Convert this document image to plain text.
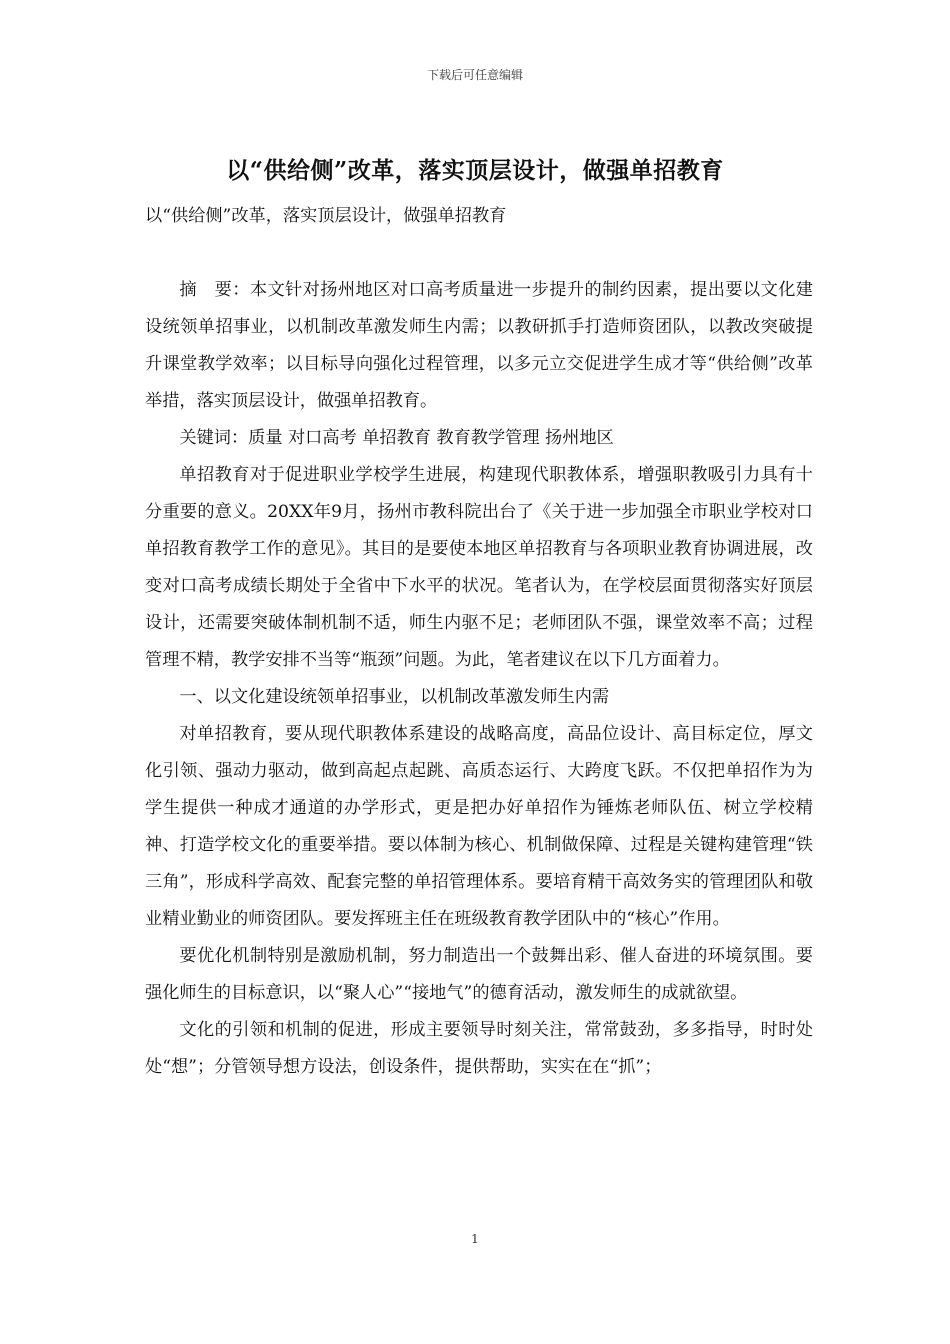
下载后可任意编辑
以“供给侧”改革，落实顶层设计，做强单招教育

以“供给侧”改革，落实顶层设计，做强单招教育

摘　要：本文针对扬州地区对口高考质量进一步提升的制约因素，提出要以文化建设统领单招事业，以机制改革激发师生内需；以教研抓手打造师资团队，以教改突破提升课堂教学效率；以目标导向强化过程管理，以多元立交促进学生成才等“供给侧”改革举措，落实顶层设计，做强单招教育。

关键词：质量 对口高考 单招教育 教育教学管理 扬州地区

单招教育对于促进职业学校学生进展，构建现代职教体系，增强职教吸引力具有十分重要的意义。20XX年9月，扬州市教科院出台了《关于进一步加强全市职业学校对口单招教育教学工作的意见》。其目的是要使本地区单招教育与各项职业教育协调进展，改变对口高考成绩长期处于全省中下水平的状况。笔者认为，在学校层面贯彻落实好顶层设计，还需要突破体制机制不适，师生内驱不足；老师团队不强，课堂效率不高；过程管理不精，教学安排不当等“瓶颈”问题。为此，笔者建议在以下几方面着力。

一、以文化建设统领单招事业，以机制改革激发师生内需

对单招教育，要从现代职教体系建设的战略高度，高品位设计、高目标定位，厚文化引领、强动力驱动，做到高起点起跳、高质态运行、大跨度飞跃。不仅把单招作为为学生提供一种成才通道的办学形式，更是把办好单招作为锤炼老师队伍、树立学校精神、打造学校文化的重要举措。要以体制为核心、机制做保障、过程是关键构建管理“铁三角”，形成科学高效、配套完整的单招管理体系。要培育精干高效务实的管理团队和敬业精业勤业的师资团队。要发挥班主任在班级教育教学团队中的“核心”作用。

要优化机制特别是激励机制，努力制造出一个鼓舞出彩、催人奋进的环境氛围。要强化师生的目标意识，以“聚人心”“接地气”的德育活动，激发师生的成就欲望。

文化的引领和机制的促进，形成主要领导时刻关注，常常鼓劲，多多指导，时时处处“想”；分管领导想方设法，创设条件，提供帮助，实实在在“抓”；

1
